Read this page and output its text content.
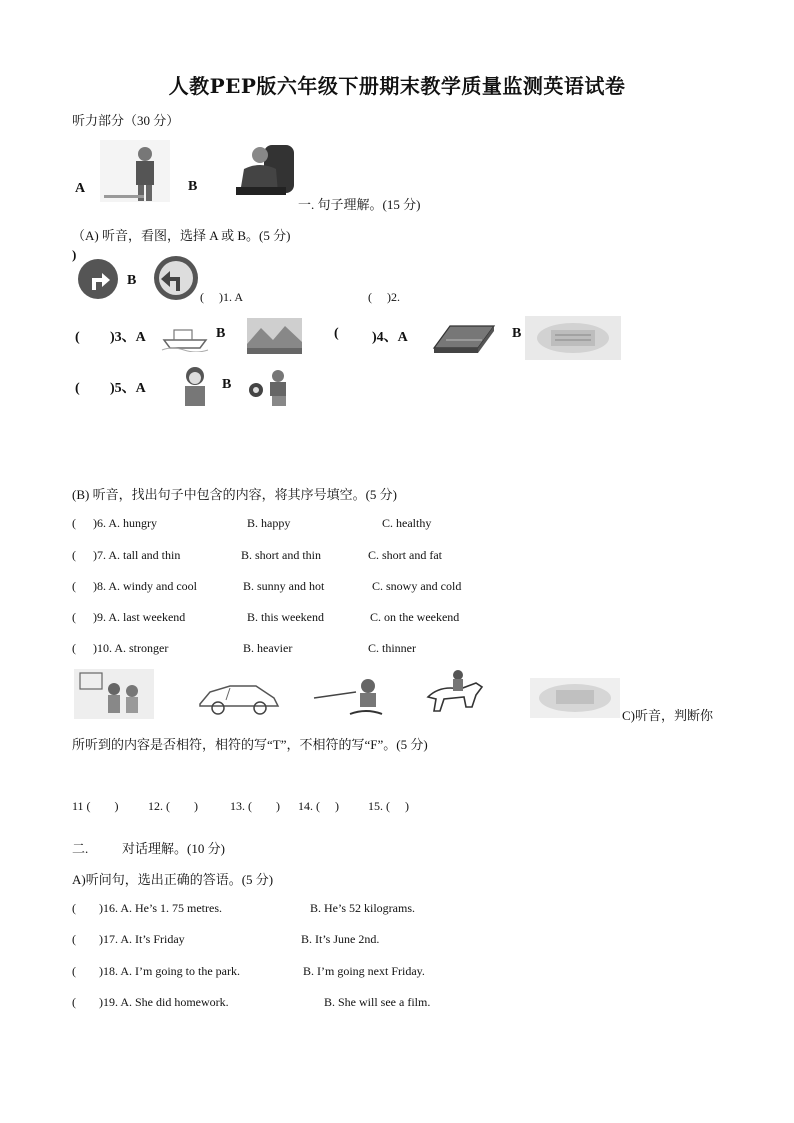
人教PEP版六年级下册期末教学质量监测英语试卷
听力部分（30 分）
A	B
一. 句子理解。(15 分)
（A) 听音，看图，选择 A 或 B。(5 分)
)
B
(　 )1. A	(　 )2.
(　　 )3、A	B	( )4、A	B
(　　 )5、A	B
(B) 听音，找出句子中包含的内容，将其序号填空。(5 分)
( )6. A. hungry	B. happy	C. healthy
( )7. A. tall and thin	B. short and thin	C. short and fat
( )8. A. windy and cool	B. sunny and hot	C. snowy and cold
( )9. A. last weekend	B. this weekend	C. on the weekend
( )10. A. stronger	B. heavier	C. thinner
C)听音，判断你
所听到的内容是否相符，相符的写“T”，不相符的写“F”。(5 分)
11 (　　) 12. (　　)	13. (　　) 14. (　 ) 15. (　 )
二.	对话理解。(10 分)
A)听问句，选出正确的答语。(5 分)
( )16. A. He’s 1. 75 metres.	B. He’s 52 kilograms.
( )17. A. It’s Friday	B. It’s June 2nd.
( )18. A. I’m going to the park.	B. I’m going next Friday.
( )19. A. She did homework.	B. She will see a film.
